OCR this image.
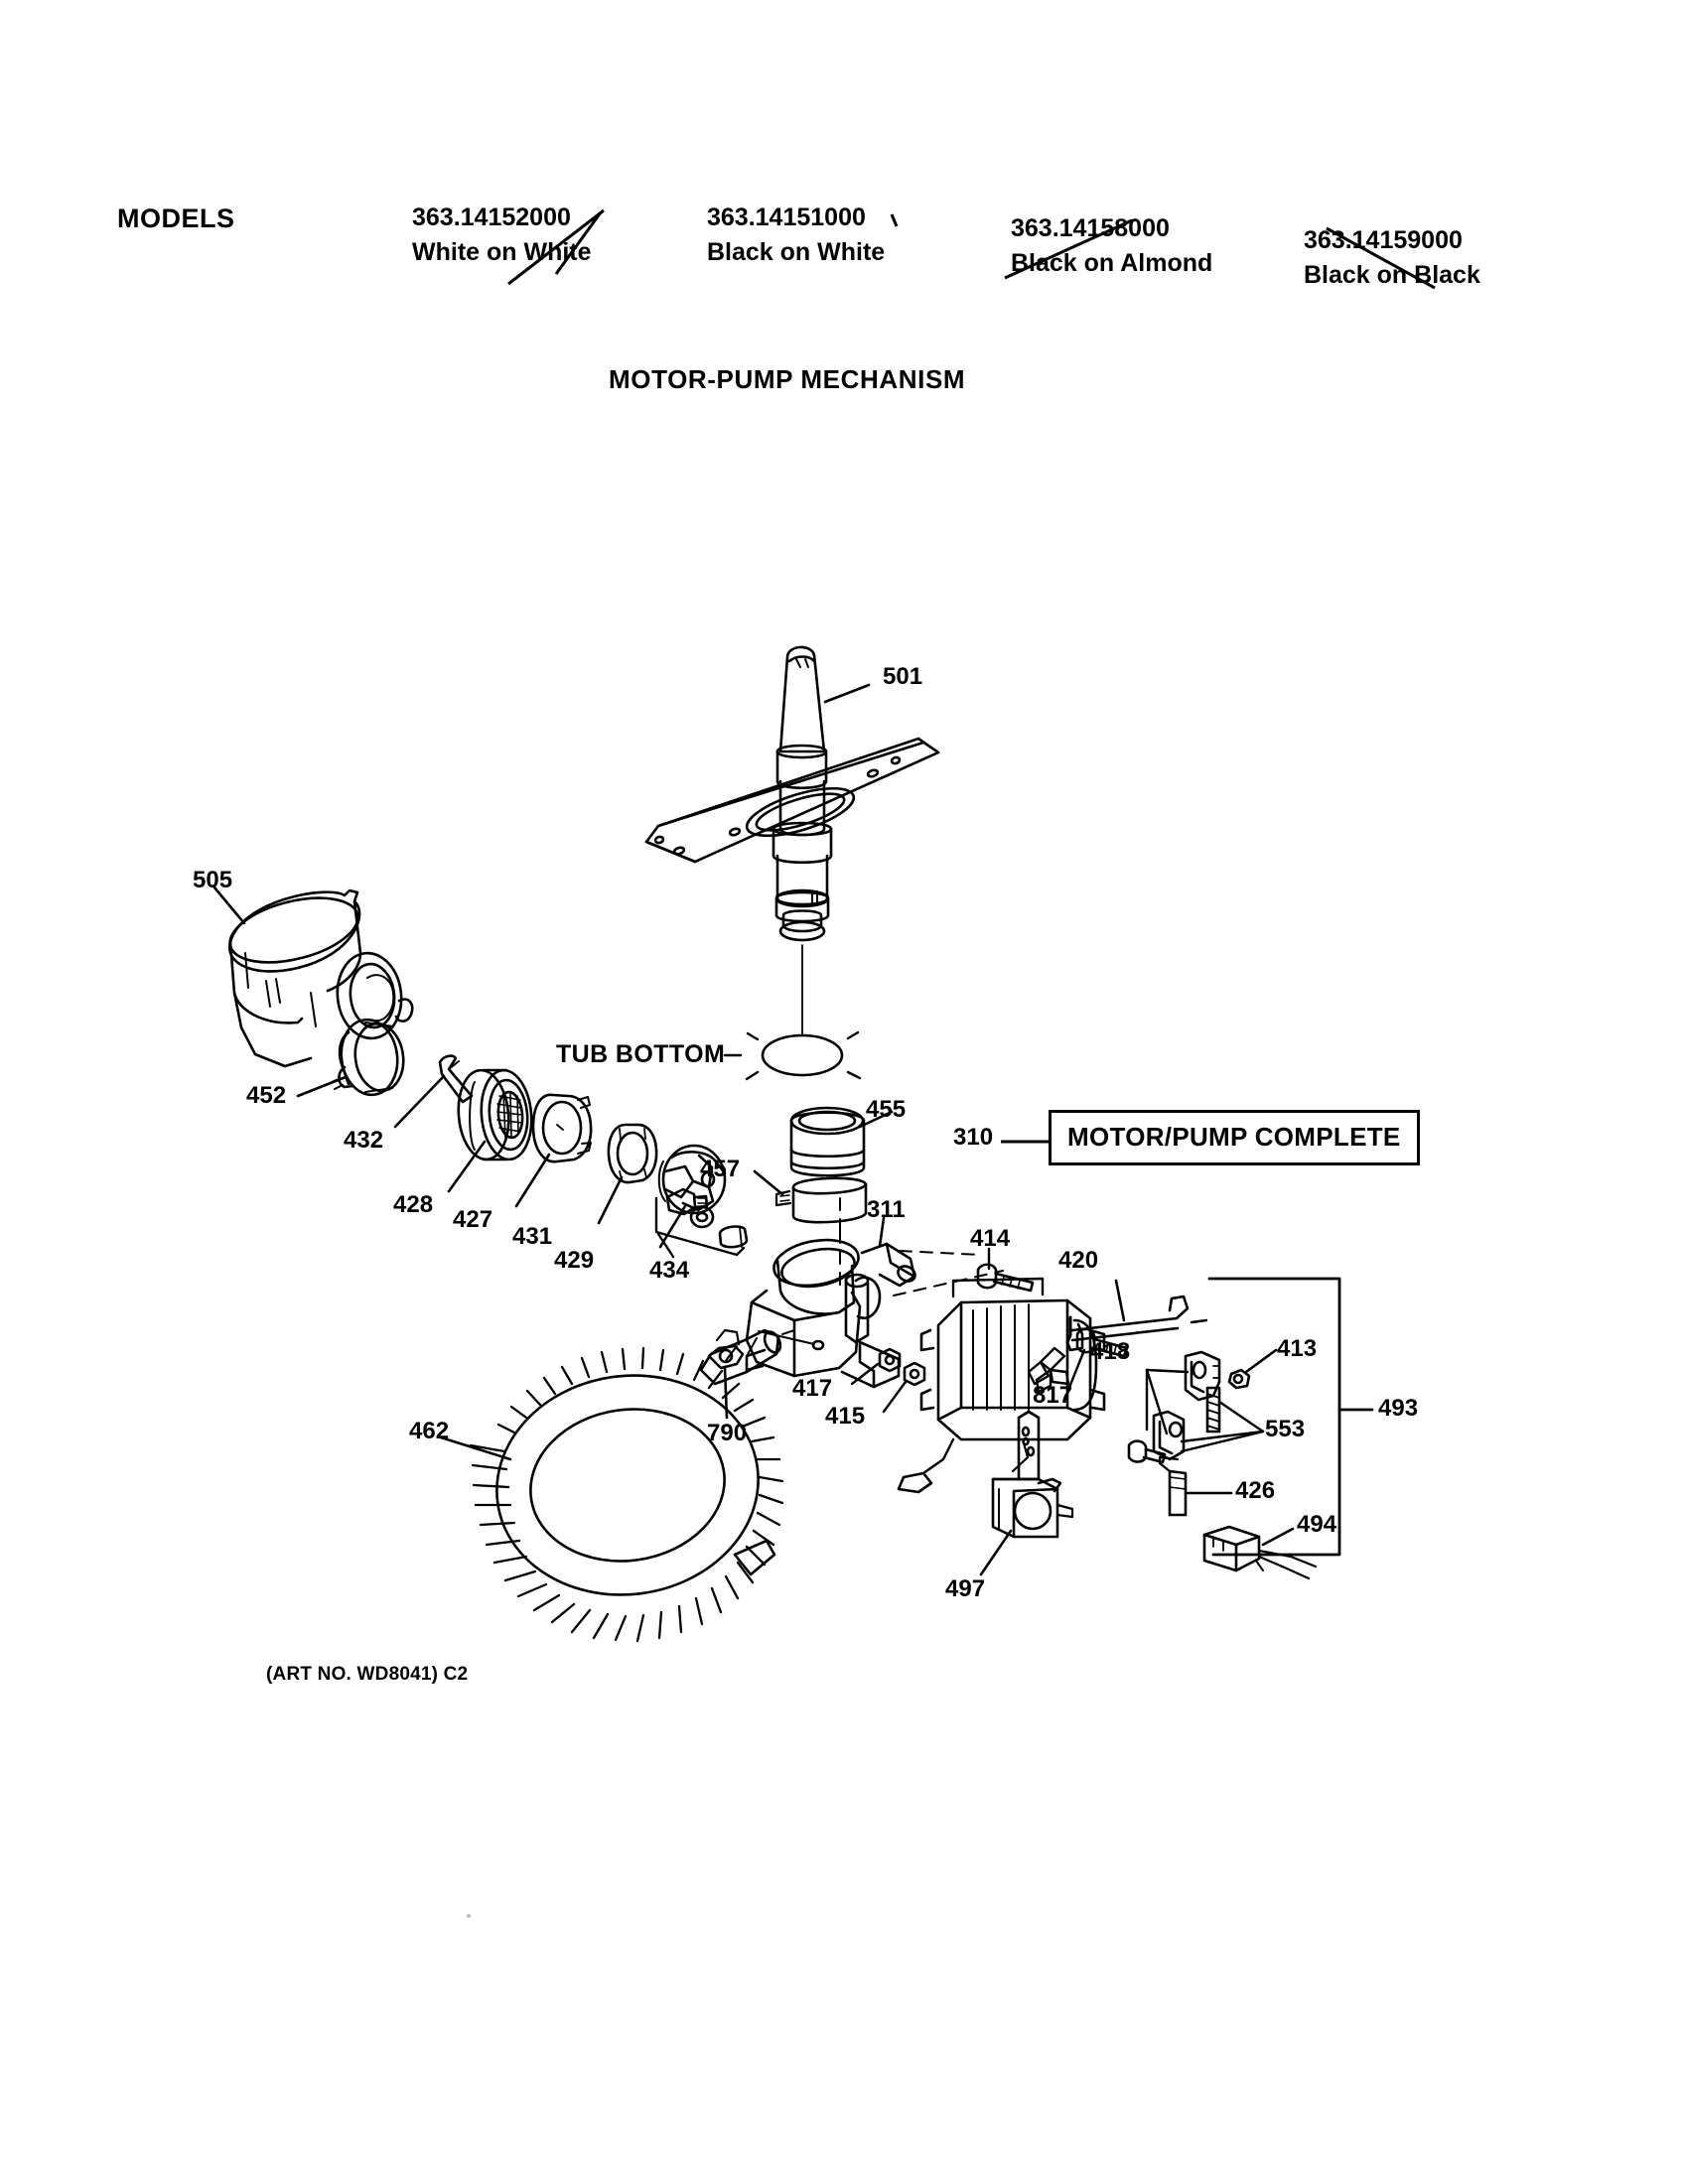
MODELS	363.14152000
White on White
363.14151000
Black on White
363.14158000
Black on Almond
363.14159000
Black on Black
MOTOR-PUMP MECHANISM
501
505
452
432
428
427
431
429 434
455
457
311
414
420
417
415
817
418	413
553
426
494
493
462	790
497
TUB BOTTOM
310	MOTOR/PUMP COMPLETE
(ART NO. WD8041) C2
